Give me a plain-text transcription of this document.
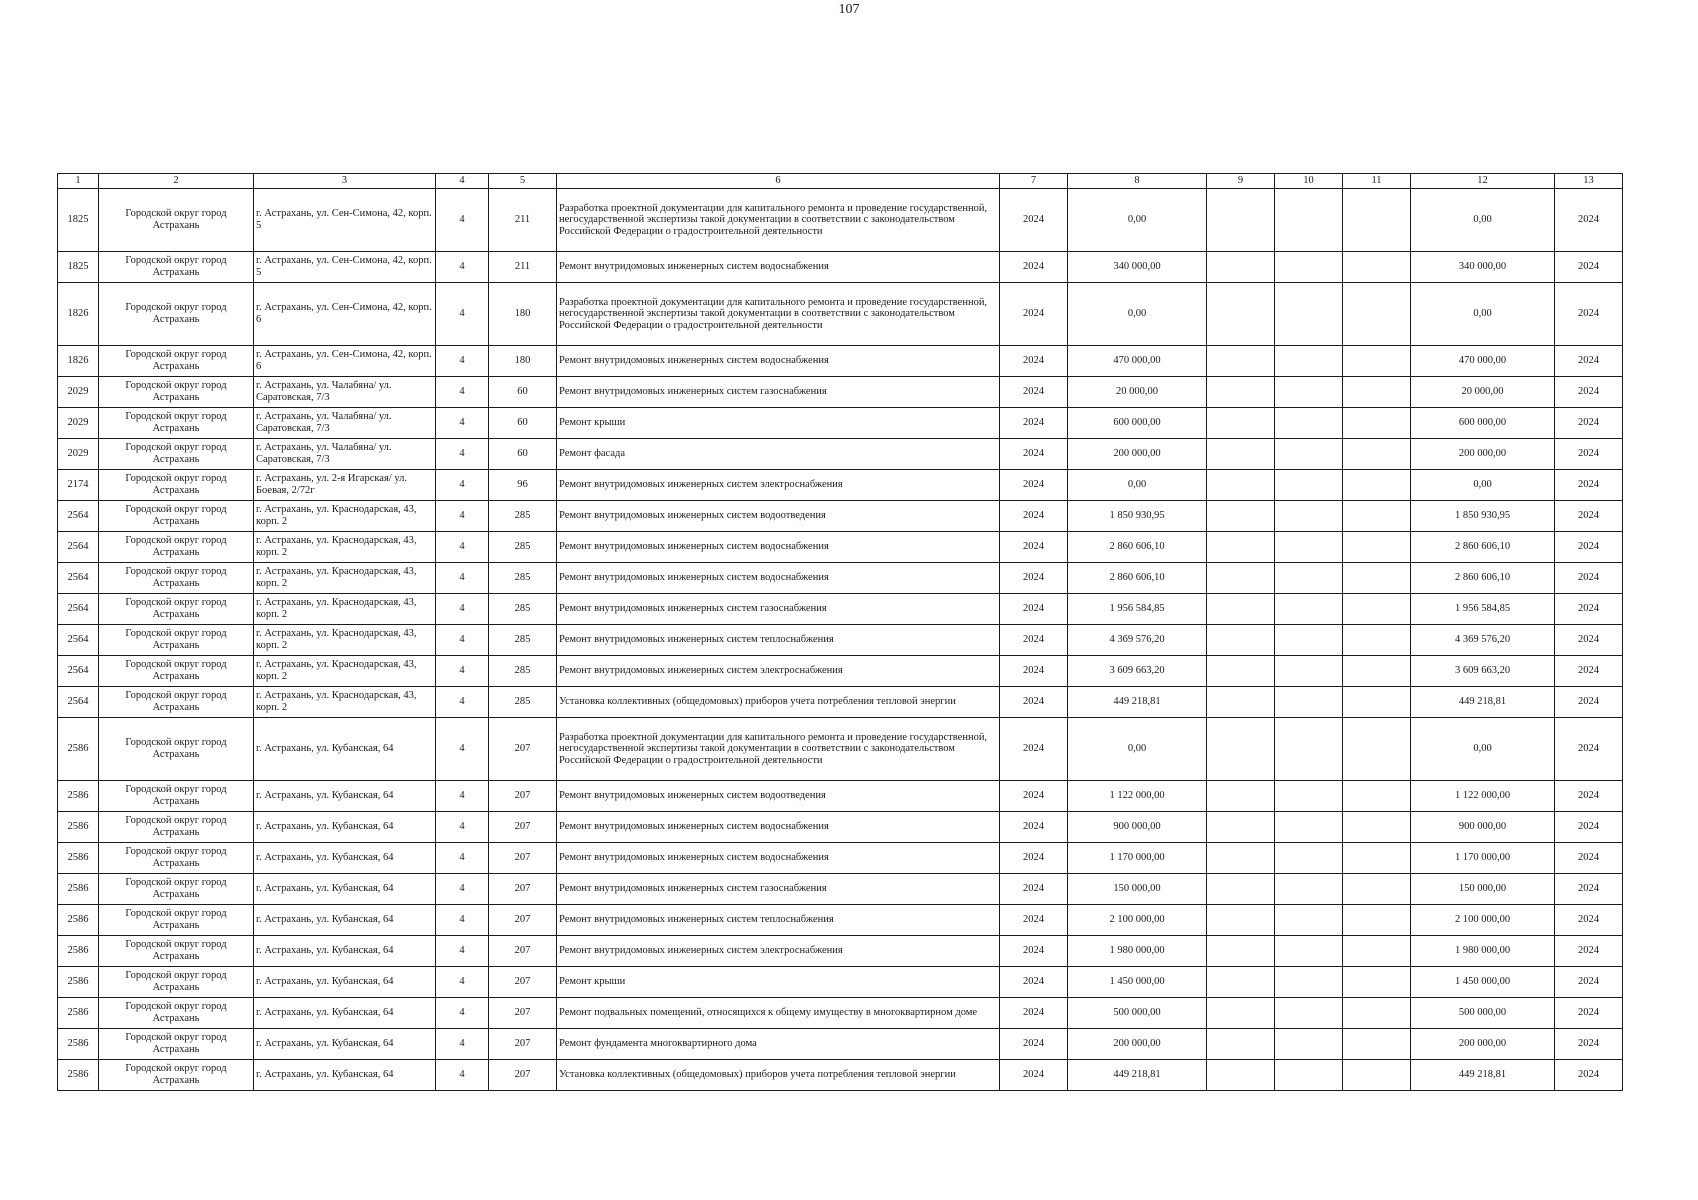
107
1	2	3	4	5	6	7	8	9	10	11	12	13
1825	Городской округ город Астрахань	г. Астрахань, ул. Сен-Симона, 42, корп. 5	4	211	Разработка проектной документации для капитального ремонта и проведение государственной, негосударственной экспертизы такой документации в соответствии с законодательством Российской Федерации о градостроительной деятельности	2024	0,00				0,00	2024
1825	Городской округ город Астрахань	г. Астрахань, ул. Сен-Симона, 42, корп. 5	4	211	Ремонт внутридомовых инженерных систем водоснабжения	2024	340 000,00				340 000,00	2024
1826	Городской округ город Астрахань	г. Астрахань, ул. Сен-Симона, 42, корп. 6	4	180	Разработка проектной документации для капитального ремонта и проведение государственной, негосударственной экспертизы такой документации в соответствии с законодательством Российской Федерации о градостроительной деятельности	2024	0,00				0,00	2024
1826	Городской округ город Астрахань	г. Астрахань, ул. Сен-Симона, 42, корп. 6	4	180	Ремонт внутридомовых инженерных систем водоснабжения	2024	470 000,00				470 000,00	2024
2029	Городской округ город Астрахань	г. Астрахань, ул. Чалабяна/ ул. Саратовская, 7/3	4	60	Ремонт внутридомовых инженерных систем газоснабжения	2024	20 000,00				20 000,00	2024
2029	Городской округ город Астрахань	г. Астрахань, ул. Чалабяна/ ул. Саратовская, 7/3	4	60	Ремонт крыши	2024	600 000,00				600 000,00	2024
2029	Городской округ город Астрахань	г. Астрахань, ул. Чалабяна/ ул. Саратовская, 7/3	4	60	Ремонт фасада	2024	200 000,00				200 000,00	2024
2174	Городской округ город Астрахань	г. Астрахань, ул. 2-я Игарская/ ул. Боевая, 2/72г	4	96	Ремонт внутридомовых инженерных систем электроснабжения	2024	0,00				0,00	2024
2564	Городской округ город Астрахань	г. Астрахань, ул. Краснодарская, 43, корп. 2	4	285	Ремонт внутридомовых инженерных систем водоотведения	2024	1 850 930,95				1 850 930,95	2024
2564	Городской округ город Астрахань	г. Астрахань, ул. Краснодарская, 43, корп. 2	4	285	Ремонт внутридомовых инженерных систем водоснабжения	2024	2 860 606,10				2 860 606,10	2024
2564	Городской округ город Астрахань	г. Астрахань, ул. Краснодарская, 43, корп. 2	4	285	Ремонт внутридомовых инженерных систем водоснабжения	2024	2 860 606,10				2 860 606,10	2024
2564	Городской округ город Астрахань	г. Астрахань, ул. Краснодарская, 43, корп. 2	4	285	Ремонт внутридомовых инженерных систем газоснабжения	2024	1 956 584,85				1 956 584,85	2024
2564	Городской округ город Астрахань	г. Астрахань, ул. Краснодарская, 43, корп. 2	4	285	Ремонт внутридомовых инженерных систем теплоснабжения	2024	4 369 576,20				4 369 576,20	2024
2564	Городской округ город Астрахань	г. Астрахань, ул. Краснодарская, 43, корп. 2	4	285	Ремонт внутридомовых инженерных систем электроснабжения	2024	3 609 663,20				3 609 663,20	2024
2564	Городской округ город Астрахань	г. Астрахань, ул. Краснодарская, 43, корп. 2	4	285	Установка коллективных (общедомовых) приборов учета потребления тепловой энергии	2024	449 218,81				449 218,81	2024
2586	Городской округ город Астрахань	г. Астрахань, ул. Кубанская, 64	4	207	Разработка проектной документации для капитального ремонта и проведение государственной, негосударственной экспертизы такой документации в соответствии с законодательством Российской Федерации о градостроительной деятельности	2024	0,00				0,00	2024
2586	Городской округ город Астрахань	г. Астрахань, ул. Кубанская, 64	4	207	Ремонт внутридомовых инженерных систем водоотведения	2024	1 122 000,00				1 122 000,00	2024
2586	Городской округ город Астрахань	г. Астрахань, ул. Кубанская, 64	4	207	Ремонт внутридомовых инженерных систем водоснабжения	2024	900 000,00				900 000,00	2024
2586	Городской округ город Астрахань	г. Астрахань, ул. Кубанская, 64	4	207	Ремонт внутридомовых инженерных систем водоснабжения	2024	1 170 000,00				1 170 000,00	2024
2586	Городской округ город Астрахань	г. Астрахань, ул. Кубанская, 64	4	207	Ремонт внутридомовых инженерных систем газоснабжения	2024	150 000,00				150 000,00	2024
2586	Городской округ город Астрахань	г. Астрахань, ул. Кубанская, 64	4	207	Ремонт внутридомовых инженерных систем теплоснабжения	2024	2 100 000,00				2 100 000,00	2024
2586	Городской округ город Астрахань	г. Астрахань, ул. Кубанская, 64	4	207	Ремонт внутридомовых инженерных систем электроснабжения	2024	1 980 000,00				1 980 000,00	2024
2586	Городской округ город Астрахань	г. Астрахань, ул. Кубанская, 64	4	207	Ремонт крыши	2024	1 450 000,00				1 450 000,00	2024
2586	Городской округ город Астрахань	г. Астрахань, ул. Кубанская, 64	4	207	Ремонт подвальных помещений, относящихся к общему имуществу в многоквартирном доме	2024	500 000,00				500 000,00	2024
2586	Городской округ город Астрахань	г. Астрахань, ул. Кубанская, 64	4	207	Ремонт фундамента многоквартирного дома	2024	200 000,00				200 000,00	2024
2586	Городской округ город Астрахань	г. Астрахань, ул. Кубанская, 64	4	207	Установка коллективных (общедомовых) приборов учета потребления тепловой энергии	2024	449 218,81				449 218,81	2024
